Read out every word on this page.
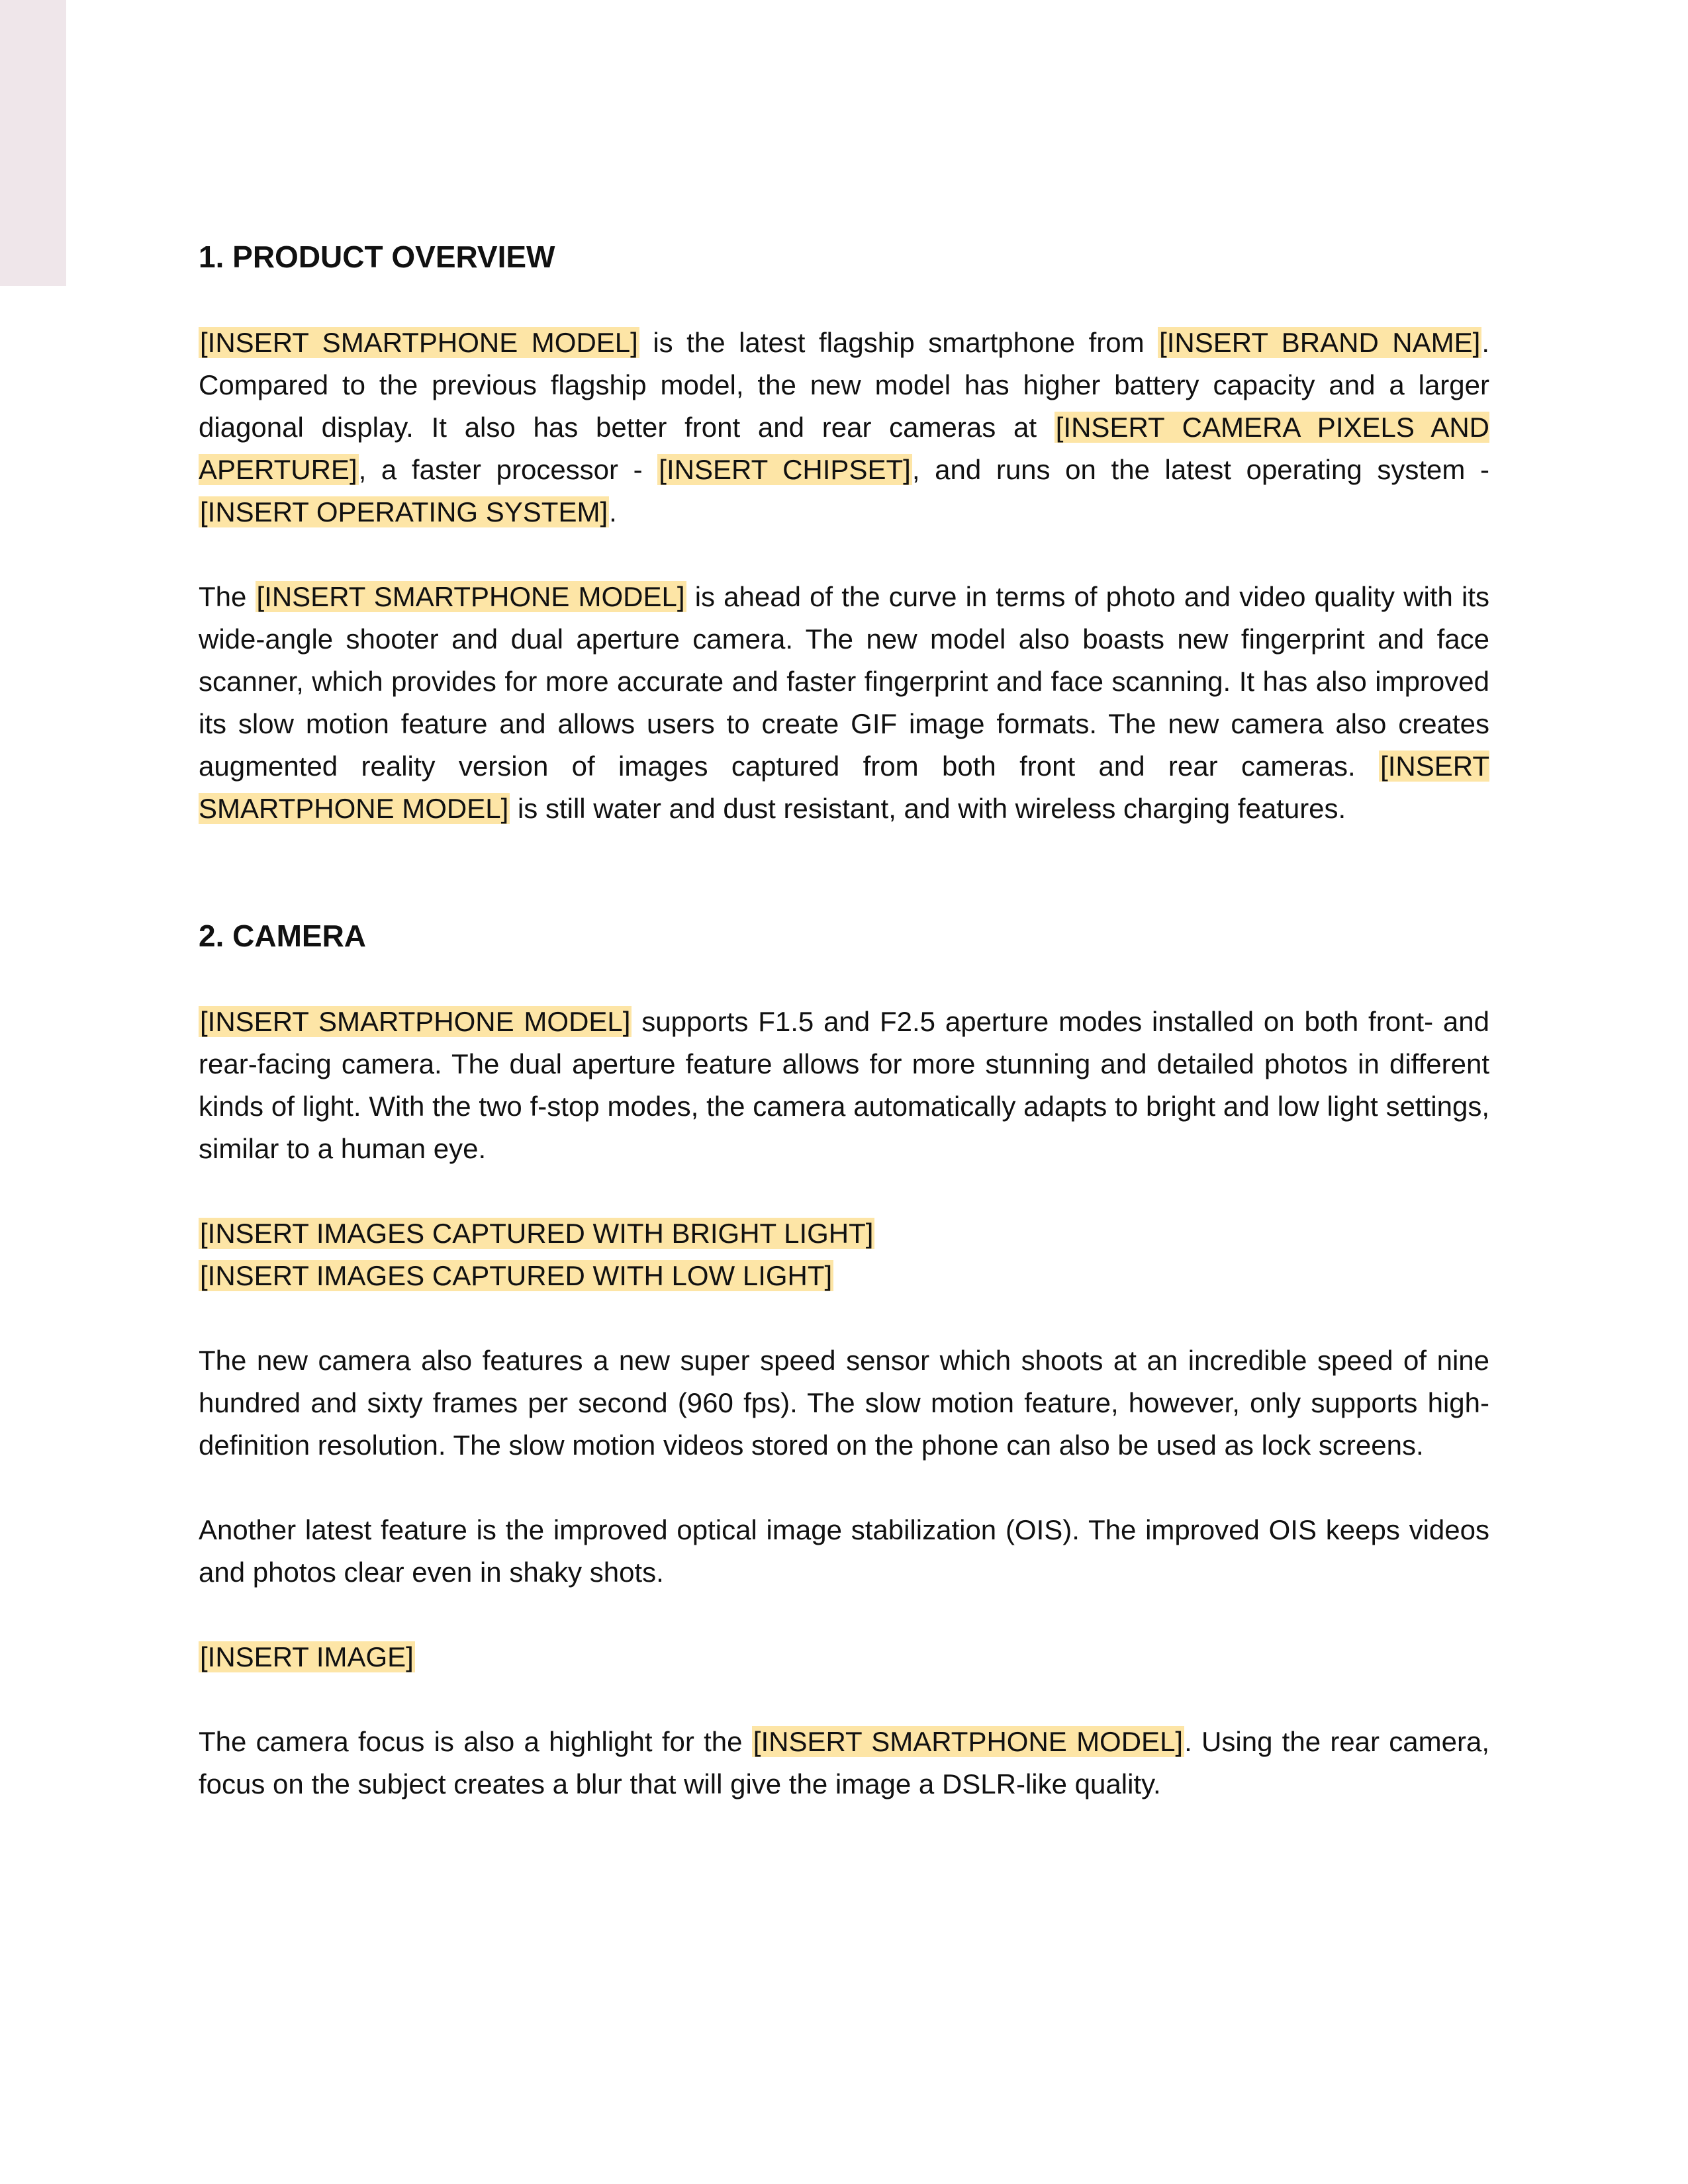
1. PRODUCT OVERVIEW

[INSERT SMARTPHONE MODEL] is the latest flagship smartphone from [INSERT BRAND NAME]. Compared to the previous flagship model, the new model has higher battery capacity and a larger diagonal display. It also has better front and rear cameras at [INSERT CAMERA PIXELS AND APERTURE], a faster processor - [INSERT CHIPSET], and runs on the latest operating system - [INSERT OPERATING SYSTEM].

The [INSERT SMARTPHONE MODEL] is ahead of the curve in terms of photo and video quality with its wide-angle shooter and dual aperture camera. The new model also boasts new fingerprint and face scanner, which provides for more accurate and faster fingerprint and face scanning. It has also improved its slow motion feature and allows users to create GIF image formats. The new camera also creates augmented reality version of images captured from both front and rear cameras. [INSERT SMARTPHONE MODEL] is still water and dust resistant, and with wireless charging features.

2. CAMERA

[INSERT SMARTPHONE MODEL] supports F1.5 and F2.5 aperture modes installed on both front- and rear-facing camera. The dual aperture feature allows for more stunning and detailed photos in different kinds of light. With the two f-stop modes, the camera automatically adapts to bright and low light settings, similar to a human eye.

[INSERT IMAGES CAPTURED WITH BRIGHT LIGHT]
[INSERT IMAGES CAPTURED WITH LOW LIGHT]

The new camera also features a new super speed sensor which shoots at an incredible speed of nine hundred and sixty frames per second (960 fps). The slow motion feature, however, only supports high-definition resolution. The slow motion videos stored on the phone can also be used as lock screens.

Another latest feature is the improved optical image stabilization (OIS). The improved OIS keeps videos and photos clear even in shaky shots.

[INSERT IMAGE]

The camera focus is also a highlight for the [INSERT SMARTPHONE MODEL]. Using the rear camera, focus on the subject creates a blur that will give the image a DSLR-like quality.
